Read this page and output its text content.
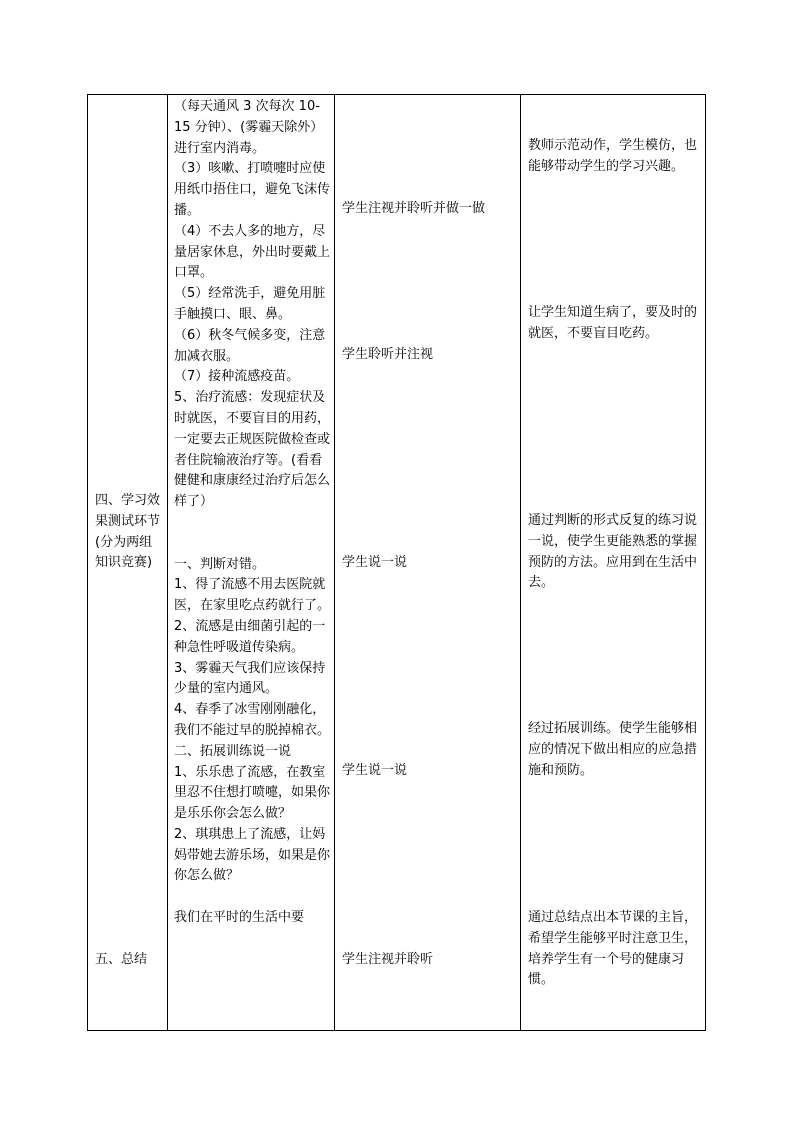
四、学习效果测试环节(分为两组知识竞赛)

五、总结

（每天通风 3 次每次 10-15 分钟）、(雾霾天除外）进行室内消毒。

（3）咳嗽、打喷嚏时应使用纸巾捂住口，避免飞沫传播。

（4）不去人多的地方，尽量居家休息，外出时要戴上口罩。

（5）经常洗手，避免用脏手触摸口、眼、鼻。

（6）秋冬气候多变，注意加减衣服。

（7）接种流感疫苗。

5、治疗流感：发现症状及时就医，不要盲目的用药，一定要去正规医院做检查或者住院输液治疗等。(看看健健和康康经过治疗后怎么样了）

一、判断对错。

1、得了流感不用去医院就医，在家里吃点药就行了。

2、流感是由细菌引起的一种急性呼吸道传染病。

3、雾霾天气我们应该保持少量的室内通风。

4、春季了冰雪刚刚融化，我们不能过早的脱掉棉衣。

二、拓展训练说一说

1、乐乐患了流感，在教室里忍不住想打喷嚏，如果你是乐乐你会怎么做？

2、琪琪患上了流感，让妈妈带她去游乐场，如果是你你怎么做？

我们在平时的生活中要

学生注视并聆听并做一做
学生聆听并注视
学生说一说
学生说一说
学生注视并聆听

教师示范动作，学生模仿，也能够带动学生的学习兴趣。

让学生知道生病了，要及时的就医，不要盲目吃药。

通过判断的形式反复的练习说一说，使学生更能熟悉的掌握预防的方法。应用到在生活中去。

经过拓展训练。使学生能够相应的情况下做出相应的应急措施和预防。

通过总结点出本节课的主旨，希望学生能够平时注意卫生，培养学生有一个号的健康习惯。
